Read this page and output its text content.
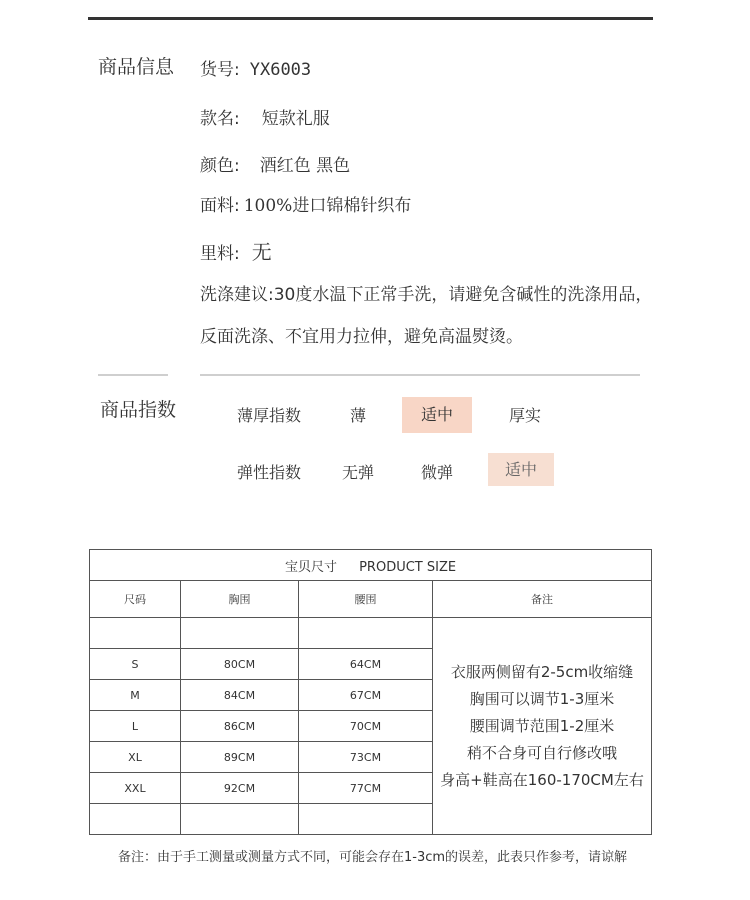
商品信息 货号: YX6003
款名: 短款礼服
颜色: 酒红色 黑色
面料: 100%进口锦棉针织布
里料: 无
洗涤建议:30度水温下正常手洗，请避免含碱性的洗涤用品，
反面洗涤、不宜用力拉伸，避免高温熨烫。
商品指数	薄厚指数	薄	适中	厚实
弹性指数	无弹	微弹	适中
宝贝尺寸 PRODUCT SIZE			
尺码	胸围	腰围	备注

			衣服两侧留有2-5cm收缩缝
胸围可以调节1-3厘米
腰围调节范围1-2厘米
稍不合身可自行修改哦
身高+鞋高在160-170CM左右

S	80CM	64CM	
M	84CM	67CM	
L	86CM	70CM	
XL	89CM	73CM	
XXL	92CM	77CM	

备注：由于手工测量或测量方式不同，可能会存在1-3cm的误差，此表只作参考，请谅解
